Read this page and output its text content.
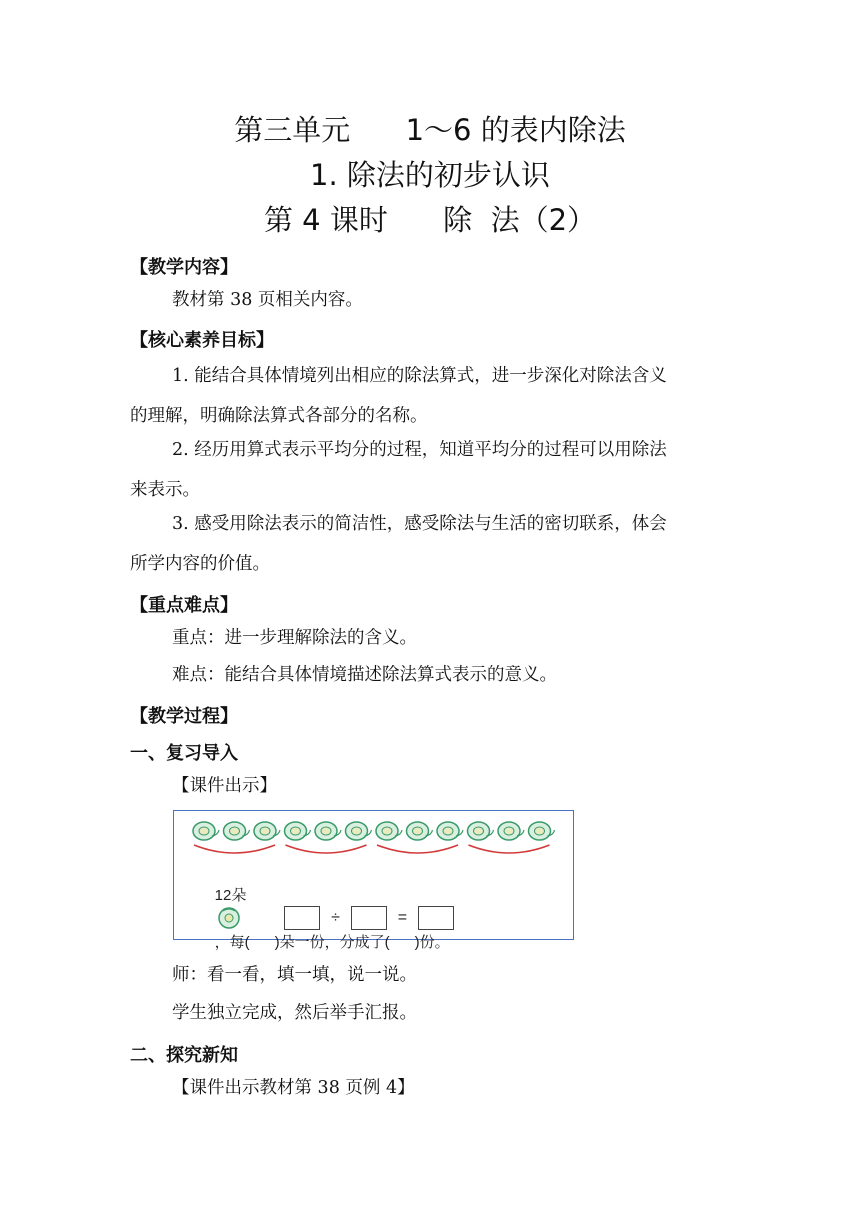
第三单元      1～6 的表内除法
1. 除法的初步认识
第 4 课时      除  法（2）
【教学内容】
教材第 38 页相关内容。
【核心素养目标】
1. 能结合具体情境列出相应的除法算式，进一步深化对除法含义
的理解，明确除法算式各部分的名称。
2. 经历用算式表示平均分的过程，知道平均分的过程可以用除法
来表示。
3. 感受用除法表示的简洁性，感受除法与生活的密切联系，体会
所学内容的价值。
【重点难点】
重点：进一步理解除法的含义。
难点：能结合具体情境描述除法算式表示的意义。
【教学过程】
一、复习导入
【课件出示】

12朵

，每(      )朵一份，分成了(      )份。

÷	=
师：看一看，填一填，说一说。
学生独立完成，然后举手汇报。
二、探究新知
【课件出示教材第 38 页例 4】
